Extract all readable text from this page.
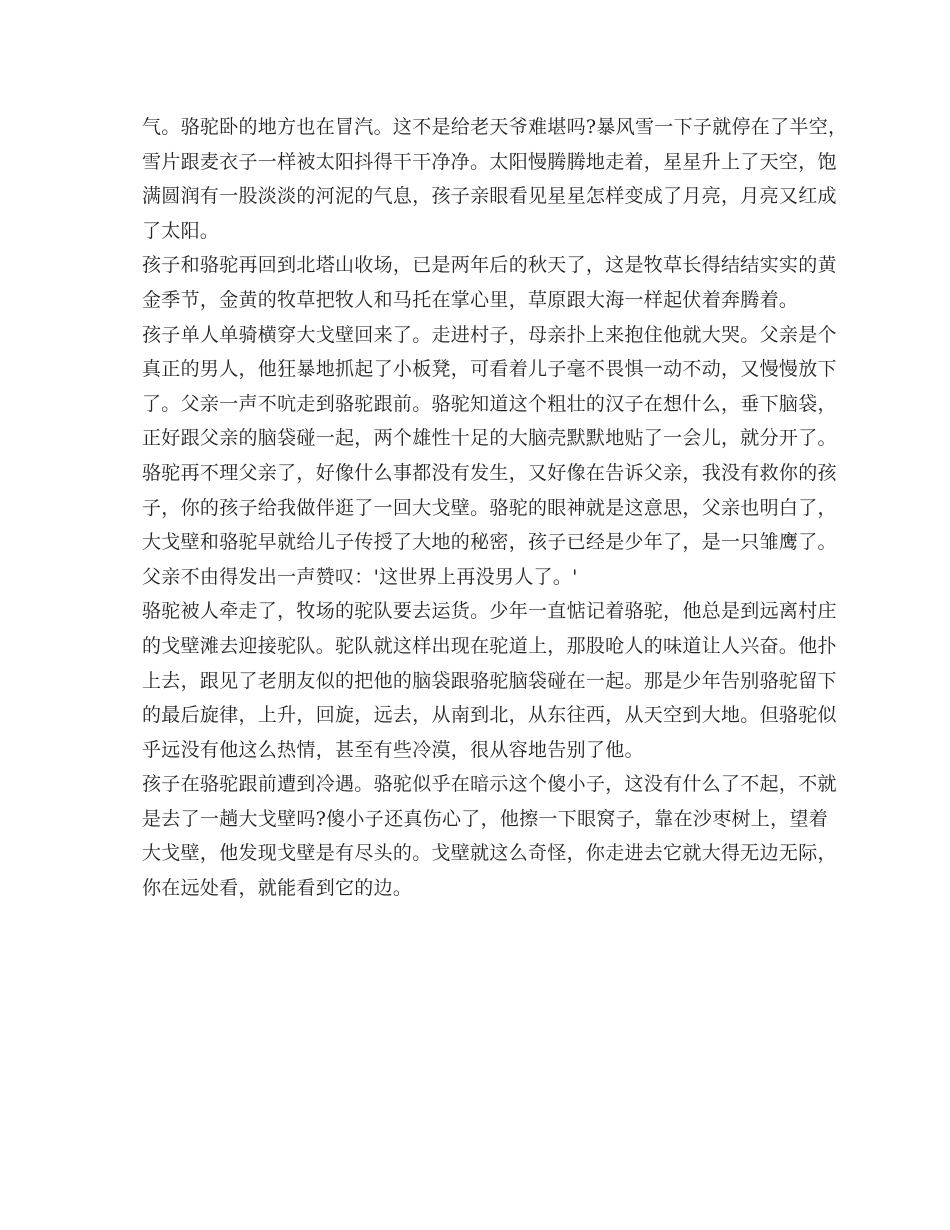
气。骆驼卧的地方也在冒汽。这不是给老天爷难堪吗?暴风雪一下子就停在了半空，
雪片跟麦衣子一样被太阳抖得干干净净。太阳慢腾腾地走着，星星升上了天空，饱
满圆润有一股淡淡的河泥的气息，孩子亲眼看见星星怎样变成了月亮，月亮又红成
了太阳。

孩子和骆驼再回到北塔山收场，已是两年后的秋天了，这是牧草长得结结实实的黄
金季节，金黄的牧草把牧人和马托在掌心里，草原跟大海一样起伏着奔腾着。

孩子单人单骑横穿大戈壁回来了。走进村子，母亲扑上来抱住他就大哭。父亲是个
真正的男人，他狂暴地抓起了小板凳，可看着儿子毫不畏惧一动不动，又慢慢放下
了。父亲一声不吭走到骆驼跟前。骆驼知道这个粗壮的汉子在想什么，垂下脑袋，
正好跟父亲的脑袋碰一起，两个雄性十足的大脑壳默默地贴了一会儿，就分开了。
骆驼再不理父亲了，好像什么事都没有发生，又好像在告诉父亲，我没有救你的孩
子，你的孩子给我做伴逛了一回大戈壁。骆驼的眼神就是这意思，父亲也明白了，
大戈壁和骆驼早就给儿子传授了大地的秘密，孩子已经是少年了，是一只雏鹰了。
父亲不由得发出一声赞叹：'这世界上再没男人了。'

骆驼被人牵走了，牧场的驼队要去运货。少年一直惦记着骆驼，他总是到远离村庄
的戈壁滩去迎接驼队。驼队就这样出现在驼道上，那股呛人的味道让人兴奋。他扑
上去，跟见了老朋友似的把他的脑袋跟骆驼脑袋碰在一起。那是少年告别骆驼留下
的最后旋律，上升，回旋，远去，从南到北，从东往西，从天空到大地。但骆驼似
乎远没有他这么热情，甚至有些冷漠，很从容地告别了他。

孩子在骆驼跟前遭到冷遇。骆驼似乎在暗示这个傻小子，这没有什么了不起，不就
是去了一趟大戈壁吗?傻小子还真伤心了，他擦一下眼窝子，靠在沙枣树上，望着
大戈壁，他发现戈壁是有尽头的。戈壁就这么奇怪，你走进去它就大得无边无际，
你在远处看，就能看到它的边。
